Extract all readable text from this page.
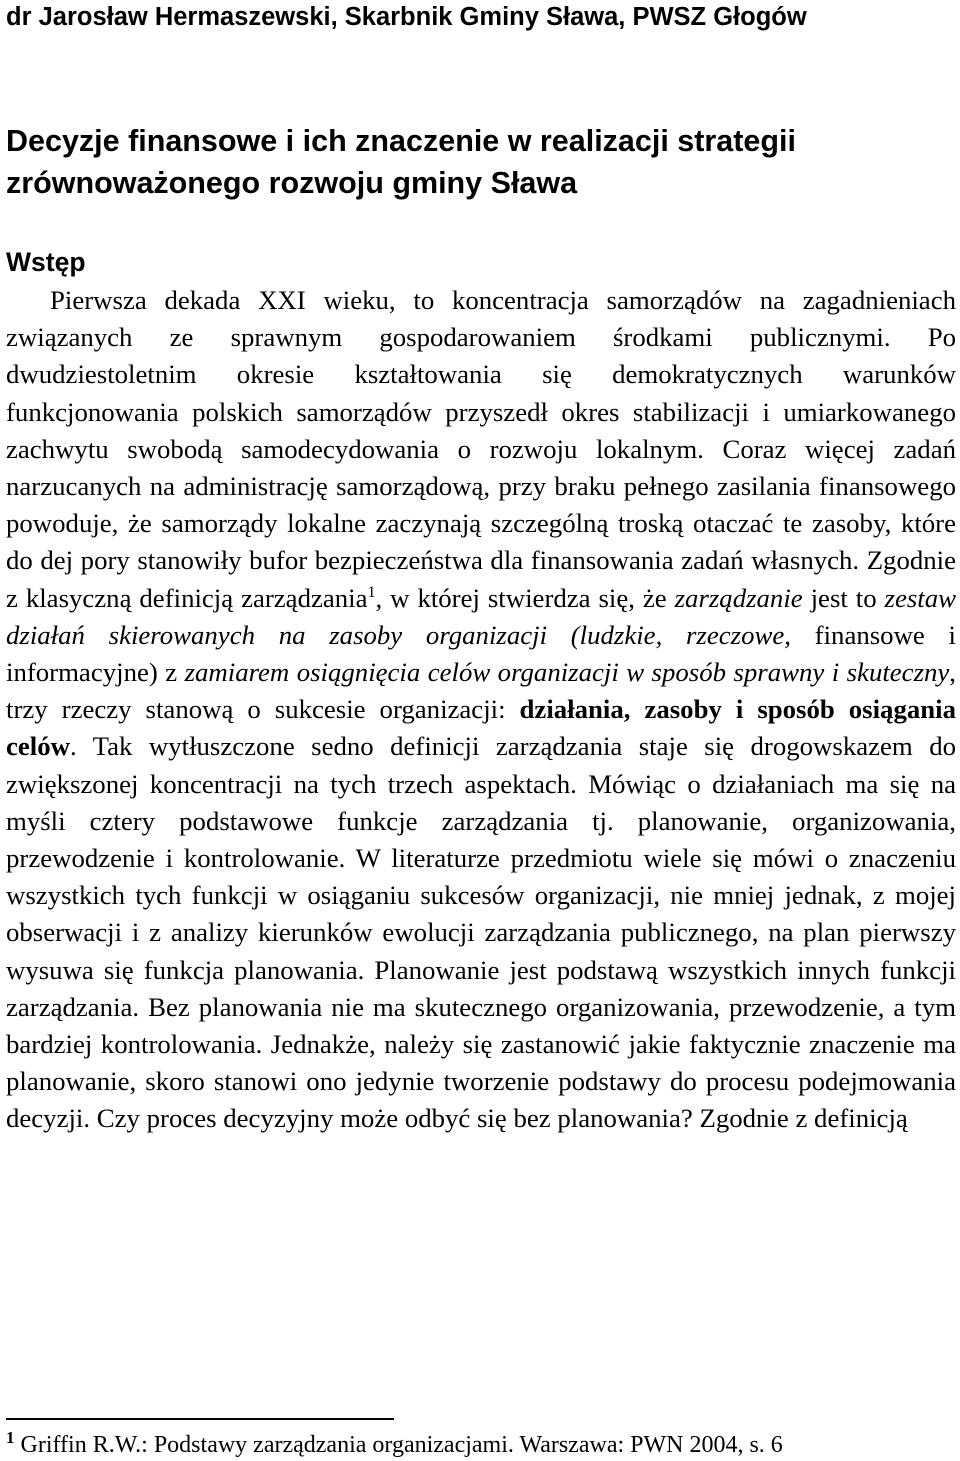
dr Jarosław Hermaszewski, Skarbnik Gminy Sława, PWSZ Głogów

Decyzje finansowe i ich znaczenie w realizacji strategii zrównoważonego rozwoju gminy Sława
Wstęp

Pierwsza dekada XXI wieku, to koncentracja samorządów na zagadnieniach związanych ze sprawnym gospodarowaniem środkami publicznymi. Po dwudziestoletnim okresie kształtowania się demokratycznych warunków funkcjonowania polskich samorządów przyszedł okres stabilizacji i umiarkowanego zachwytu swobodą samodecydowania o rozwoju lokalnym. Coraz więcej zadań narzucanych na administrację samorządową, przy braku pełnego zasilania finansowego powoduje, że samorządy lokalne zaczynają szczególną troską otaczać te zasoby, które do dej pory stanowiły bufor bezpieczeństwa dla finansowania zadań własnych. Zgodnie z klasyczną definicją zarządzania$^1$, w której stwierdza się, że zarządzanie jest to zestaw działań skierowanych na zasoby organizacji (ludzkie, rzeczowe, finansowe i informacyjne) z zamiarem osiągnięcia celów organizacji w sposób sprawny i skuteczny, trzy rzeczy stanową o sukcesie organizacji: działania, zasoby i sposób osiągania celów. Tak wytłuszczone sedno definicji zarządzania staje się drogowskazem do zwiększonej koncentracji na tych trzech aspektach. Mówiąc o działaniach ma się na myśli cztery podstawowe funkcje zarządzania tj. planowanie, organizowania, przewodzenie i kontrolowanie. W literaturze przedmiotu wiele się mówi o znaczeniu wszystkich tych funkcji w osiąganiu sukcesów organizacji, nie mniej jednak, z mojej obserwacji i z analizy kierunków ewolucji zarządzania publicznego, na plan pierwszy wysuwa się funkcja planowania. Planowanie jest podstawą wszystkich innych funkcji zarządzania. Bez planowania nie ma skutecznego organizowania, przewodzenie, a tym bardziej kontrolowania. Jednakże, należy się zastanowić jakie faktycznie znaczenie ma planowanie, skoro stanowi ono jedynie tworzenie podstawy do procesu podejmowania decyzji. Czy proces decyzyjny może odbyć się bez planowania? Zgodnie z definicją

$^1$ Griffin R.W.: Podstawy zarządzania organizacjami. Warszawa: PWN 2004, s. 6
